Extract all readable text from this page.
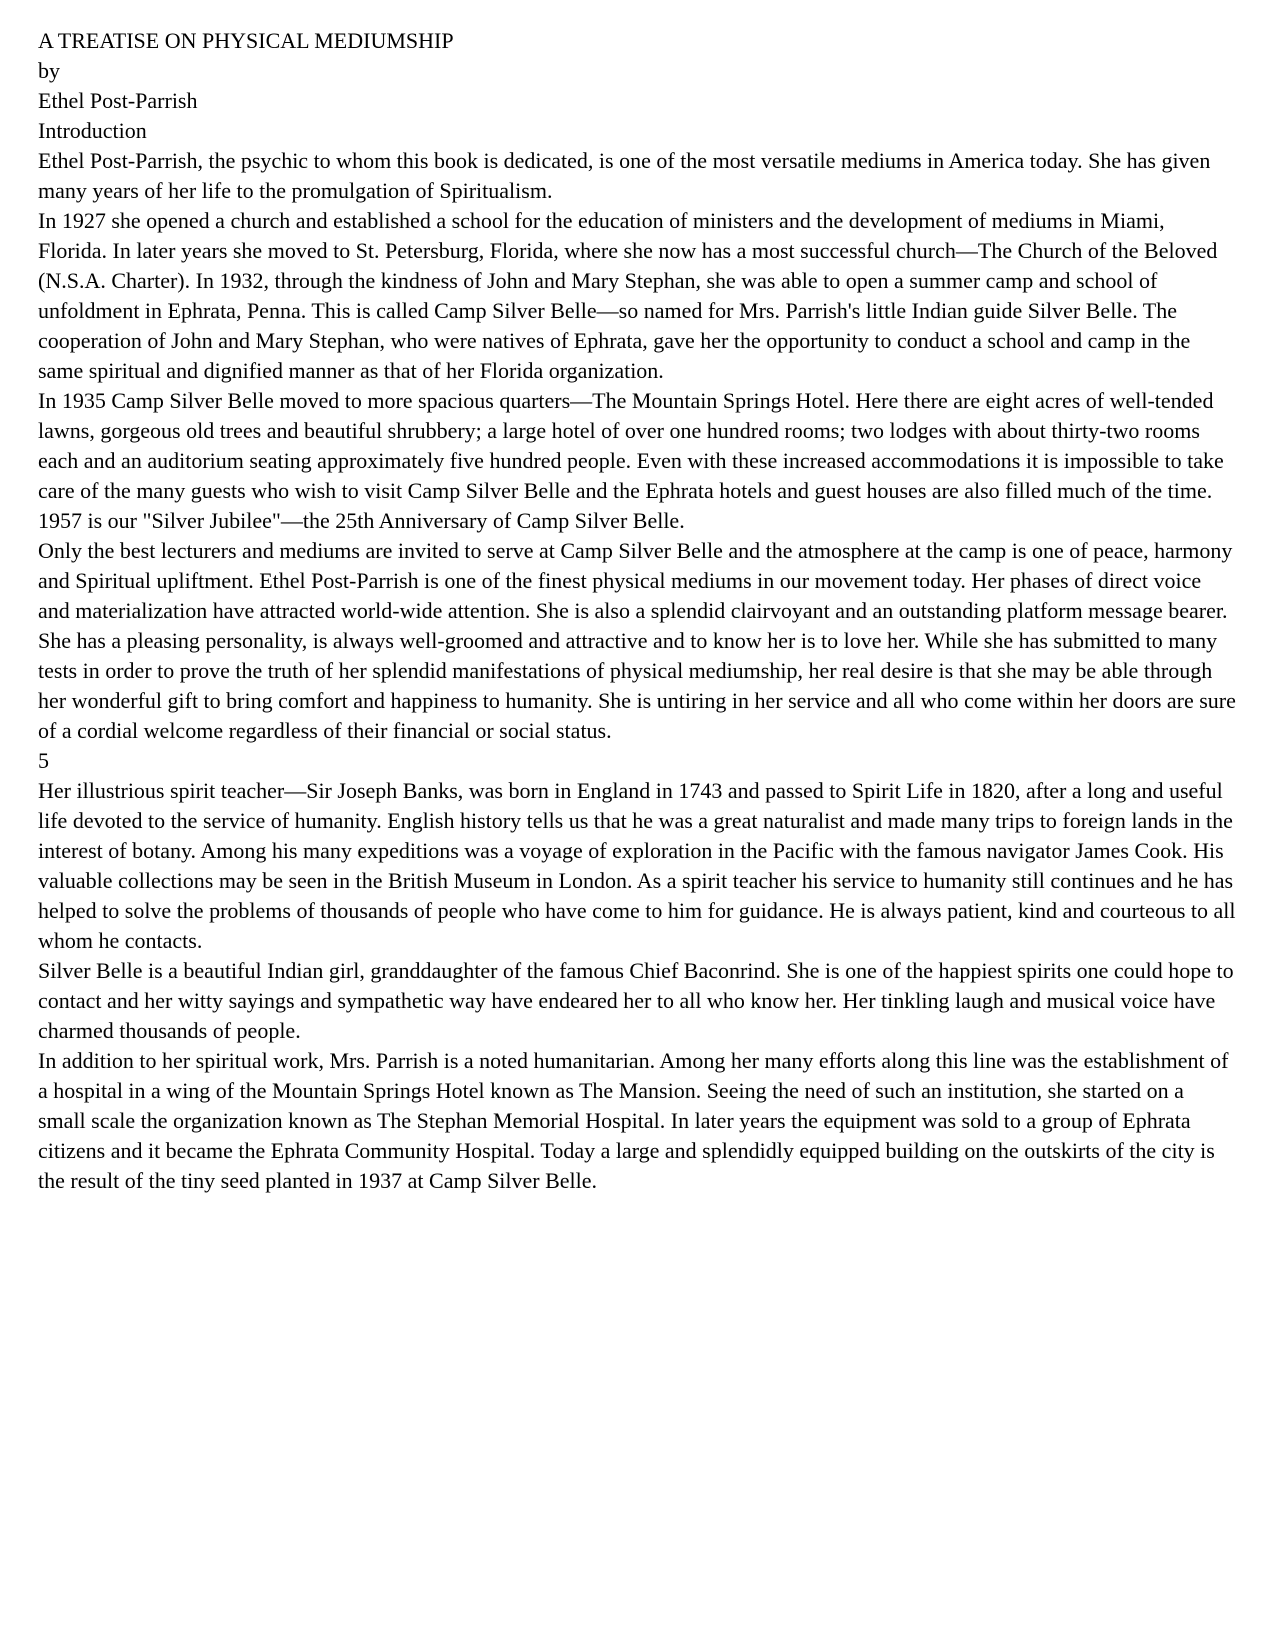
A TREATISE ON PHYSICAL MEDIUMSHIP

by

Ethel Post-Parrish

Introduction

Ethel Post-Parrish, the psychic to whom this book is dedicated, is one of the most versatile mediums in America today. She has given many years of her life to the promulgation of Spiritualism.

In 1927 she opened a church and established a school for the education of ministers and the development of mediums in Miami, Florida. In later years she moved to St. Petersburg, Florida, where she now has a most successful church—The Church of the Beloved (N.S.A. Charter). In 1932, through the kindness of John and Mary Stephan, she was able to open a summer camp and school of unfoldment in Ephrata, Penna. This is called Camp Silver Belle—so named for Mrs. Parrish's little Indian guide Silver Belle. The cooperation of John and Mary Stephan, who were natives of Ephrata, gave her the opportunity to conduct a school and camp in the same spiritual and dignified manner as that of her Florida organization.

In 1935 Camp Silver Belle moved to more spacious quarters—The Mountain Springs Hotel. Here there are eight acres of well-tended lawns, gorgeous old trees and beautiful shrubbery; a large hotel of over one hundred rooms; two lodges with about thirty-two rooms each and an auditorium seating approximately five hundred people. Even with these increased accommodations it is impossible to take care of the many guests who wish to visit Camp Silver Belle and the Ephrata hotels and guest houses are also filled much of the time. 1957 is our "Silver Jubilee"—the 25th Anniversary of Camp Silver Belle.

Only the best lecturers and mediums are invited to serve at Camp Silver Belle and the atmosphere at the camp is one of peace, harmony and Spiritual upliftment. Ethel Post-Parrish is one of the finest physical mediums in our movement today. Her phases of direct voice and materialization have attracted world-wide attention. She is also a splendid clairvoyant and an outstanding platform message bearer. She has a pleasing personality, is always well-groomed and attractive and to know her is to love her. While she has submitted to many tests in order to prove the truth of her splendid manifestations of physical mediumship, her real desire is that she may be able through her wonderful gift to bring comfort and happiness to humanity. She is untiring in her service and all who come within her doors are sure of a cordial welcome regardless of their financial or social status.

5

Her illustrious spirit teacher—Sir Joseph Banks, was born in England in 1743 and passed to Spirit Life in 1820, after a long and useful life devoted to the service of humanity. English history tells us that he was a great naturalist and made many trips to foreign lands in the interest of botany. Among his many expeditions was a voyage of exploration in the Pacific with the famous navigator James Cook. His valuable collections may be seen in the British Museum in London. As a spirit teacher his service to humanity still continues and he has helped to solve the problems of thousands of people who have come to him for guidance. He is always patient, kind and courteous to all whom he contacts.

Silver Belle is a beautiful Indian girl, granddaughter of the famous Chief Baconrind. She is one of the happiest spirits one could hope to contact and her witty sayings and sympathetic way have endeared her to all who know her. Her tinkling laugh and musical voice have charmed thousands of people.

In addition to her spiritual work, Mrs. Parrish is a noted humanitarian. Among her many efforts along this line was the establishment of a hospital in a wing of the Mountain Springs Hotel known as The Mansion. Seeing the need of such an institution, she started on a small scale the organization known as The Stephan Memorial Hospital. In later years the equipment was sold to a group of Ephrata citizens and it became the Ephrata Community Hospital. Today a large and splendidly equipped building on the outskirts of the city is the result of the tiny seed planted in 1937 at Camp Silver Belle.
